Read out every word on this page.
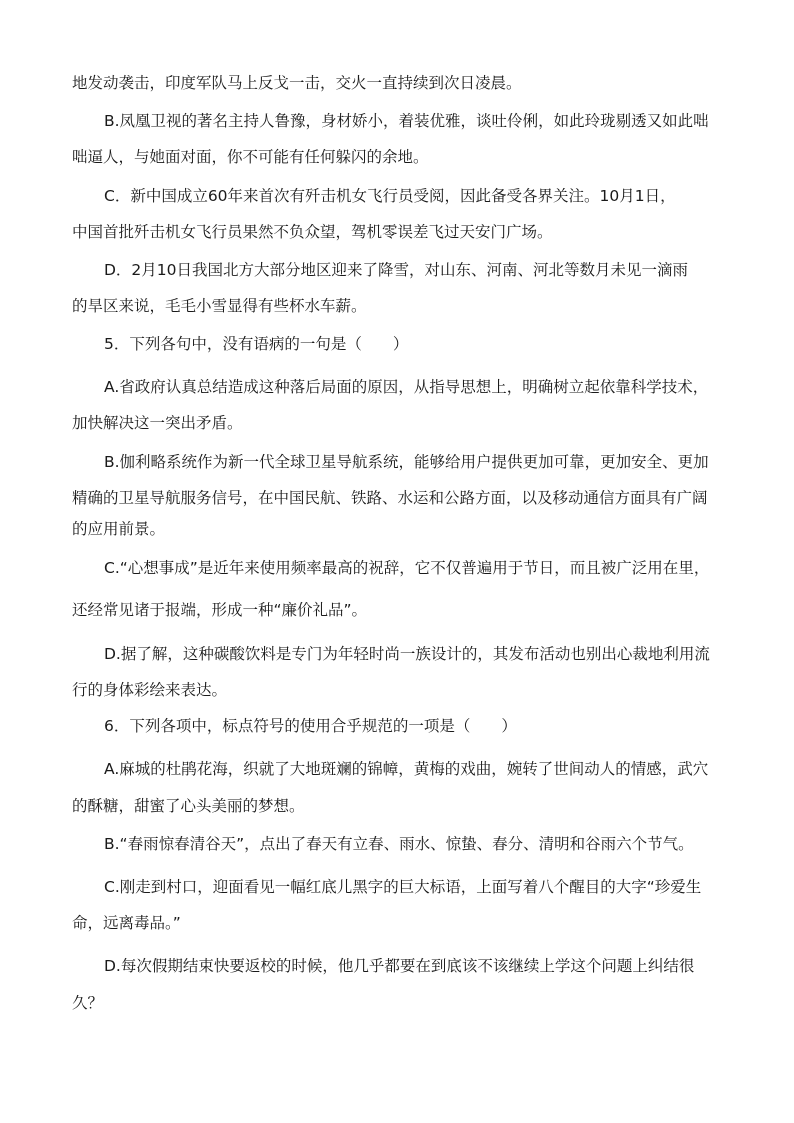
地发动袭击，印度军队马上反戈一击，交火一直持续到次日凌晨。
B.凤凰卫视的著名主持人鲁豫，身材娇小，着装优雅，谈吐伶俐，如此玲珑剔透又如此咄
咄逼人，与她面对面，你不可能有任何躲闪的余地。
C．新中国成立60年来首次有歼击机女飞行员受阅，因此备受各界关注。10月1日，
中国首批歼击机女飞行员果然不负众望，驾机零误差飞过天安门广场。
D．2月10日我国北方大部分地区迎来了降雪，对山东、河南、河北等数月未见一滴雨
的旱区来说，毛毛小雪显得有些杯水车薪。
5．下列各句中，没有语病的一句是（　　）
A.省政府认真总结造成这种落后局面的原因，从指导思想上，明确树立起依靠科学技术，
加快解决这一突出矛盾。
B.伽利略系统作为新一代全球卫星导航系统，能够给用户提供更加可靠，更加安全、更加
精确的卫星导航服务信号，在中国民航、铁路、水运和公路方面，以及移动通信方面具有广阔
的应用前景。
C.“心想事成”是近年来使用频率最高的祝辞，它不仅普遍用于节日，而且被广泛用在里，
还经常见诸于报端，形成一种“廉价礼品”。
D.据了解，这种碳酸饮料是专门为年轻时尚一族设计的，其发布活动也别出心裁地利用流
行的身体彩绘来表达。
6．下列各项中，标点符号的使用合乎规范的一项是（　　）
A.麻城的杜鹃花海，织就了大地斑斓的锦幛，黄梅的戏曲，婉转了世间动人的情感，武穴
的酥糖，甜蜜了心头美丽的梦想。
B.“春雨惊春清谷天”，点出了春天有立春、雨水、惊蛰、春分、清明和谷雨六个节气。
C.刚走到村口，迎面看见一幅红底儿黑字的巨大标语，上面写着八个醒目的大字“珍爱生
命，远离毒品。”
D.每次假期结束快要返校的时候，他几乎都要在到底该不该继续上学这个问题上纠结很
久？
